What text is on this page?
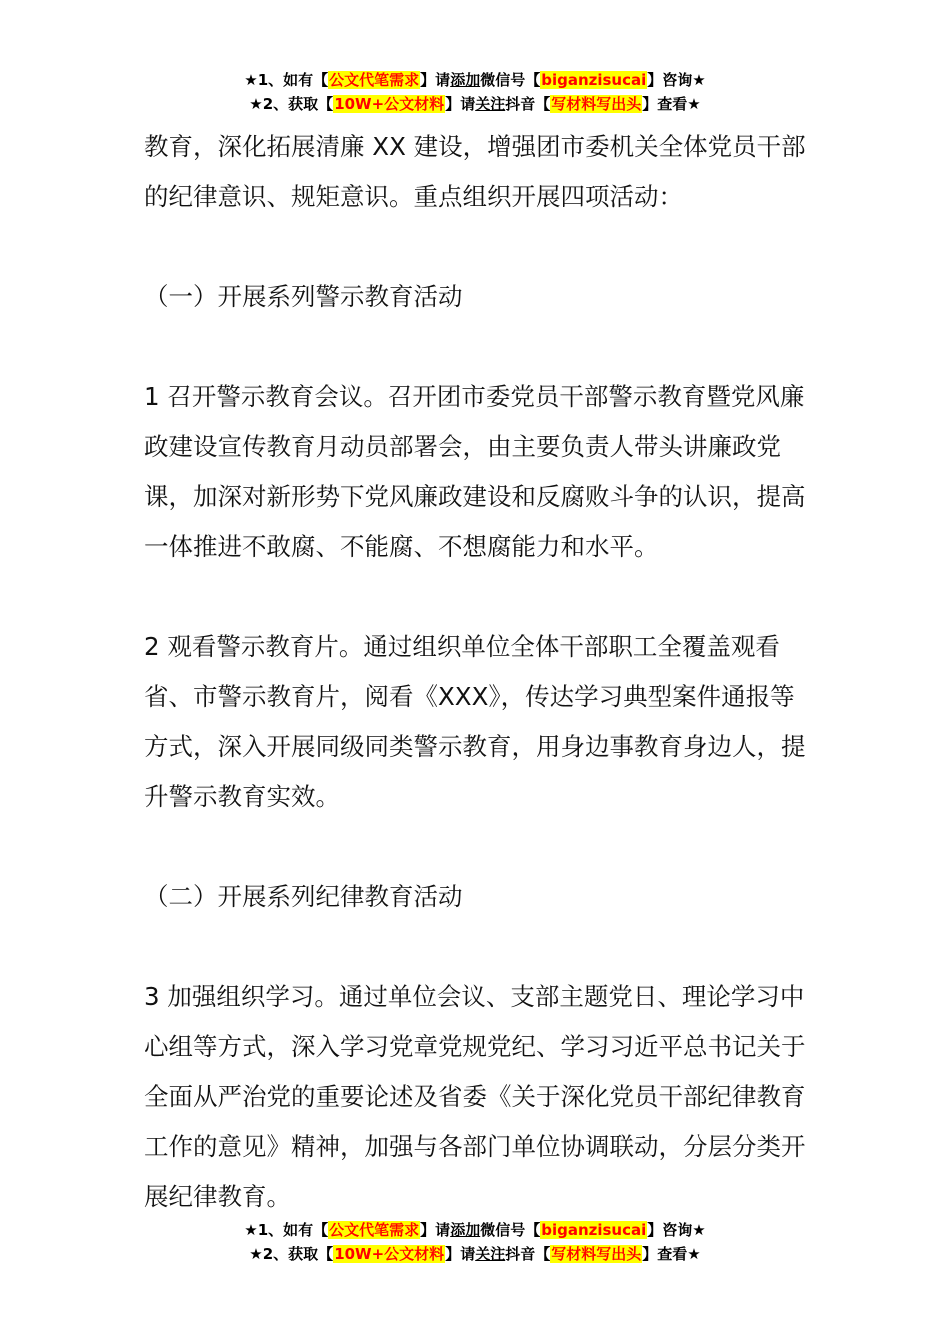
★1、如有【公文代笔需求】请添加微信号【biganzisucai】咨询★
★2、获取【10W+公文材料】请关注抖音【写材料写出头】查看★

教育，深化拓展清廉 XX 建设，增强团市委机关全体党员干部的纪律意识、规矩意识。重点组织开展四项活动：

（一）开展系列警示教育活动

1 召开警示教育会议。召开团市委党员干部警示教育暨党风廉政建设宣传教育月动员部署会，由主要负责人带头讲廉政党课，加深对新形势下党风廉政建设和反腐败斗争的认识，提高一体推进不敢腐、不能腐、不想腐能力和水平。

2 观看警示教育片。通过组织单位全体干部职工全覆盖观看省、市警示教育片，阅看《XXX》，传达学习典型案件通报等方式，深入开展同级同类警示教育，用身边事教育身边人，提升警示教育实效。

（二）开展系列纪律教育活动

3 加强组织学习。通过单位会议、支部主题党日、理论学习中心组等方式，深入学习党章党规党纪、学习习近平总书记关于全面从严治党的重要论述及省委《关于深化党员干部纪律教育工作的意见》精神，加强与各部门单位协调联动，分层分类开展纪律教育。

★1、如有【公文代笔需求】请添加微信号【biganzisucai】咨询★
★2、获取【10W+公文材料】请关注抖音【写材料写出头】查看★
